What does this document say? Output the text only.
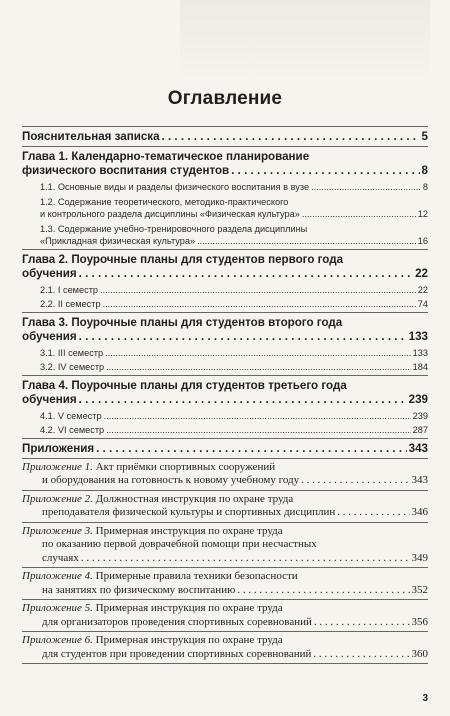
Оглавление
Пояснительная записка . . .	5
Глава 1. Календарно-тематическое планирование
физического воспитания студентов . . .	8
1.1. Основные виды и разделы физического воспитания в вузе .....	8
1.2. Содержание теоретического, методико-практического
и контрольного раздела дисциплины «Физическая культура» .....	12
1.3. Содержание учебно-тренировочного раздела дисциплины
«Прикладная физическая культура» .....	16
Глава 2. Поурочные планы для студентов первого года
обучения . . .	22
2.1. I семестр .....	22
2.2. II семестр .....	74
Глава 3. Поурочные планы для студентов второго года
обучения . . .	133
3.1. III семестр .....	133
3.2. IV семестр .....	184
Глава 4. Поурочные планы для студентов третьего года
обучения . . .	239
4.1. V семестр .....	239
4.2. VI семестр .....	287
Приложения . . .	343
Приложение 1. Акт приёмки спортивных сооружений
и оборудования на готовность к новому учебному году . . .	343
Приложение 2. Должностная инструкция по охране труда
преподавателя физической культуры и спортивных дисциплин . . .	346
Приложение 3. Примерная инструкция по охране труда
по оказанию первой доврачебной помощи при несчастных
случаях . . .	349
Приложение 4. Примерные правила техники безопасности
на занятиях по физическому воспитанию . . .	352
Приложение 5. Примерная инструкция по охране труда
для организаторов проведения спортивных соревнований . . .	356
Приложение 6. Примерная инструкция по охране труда
для студентов при проведении спортивных соревнований . . .	360
3
